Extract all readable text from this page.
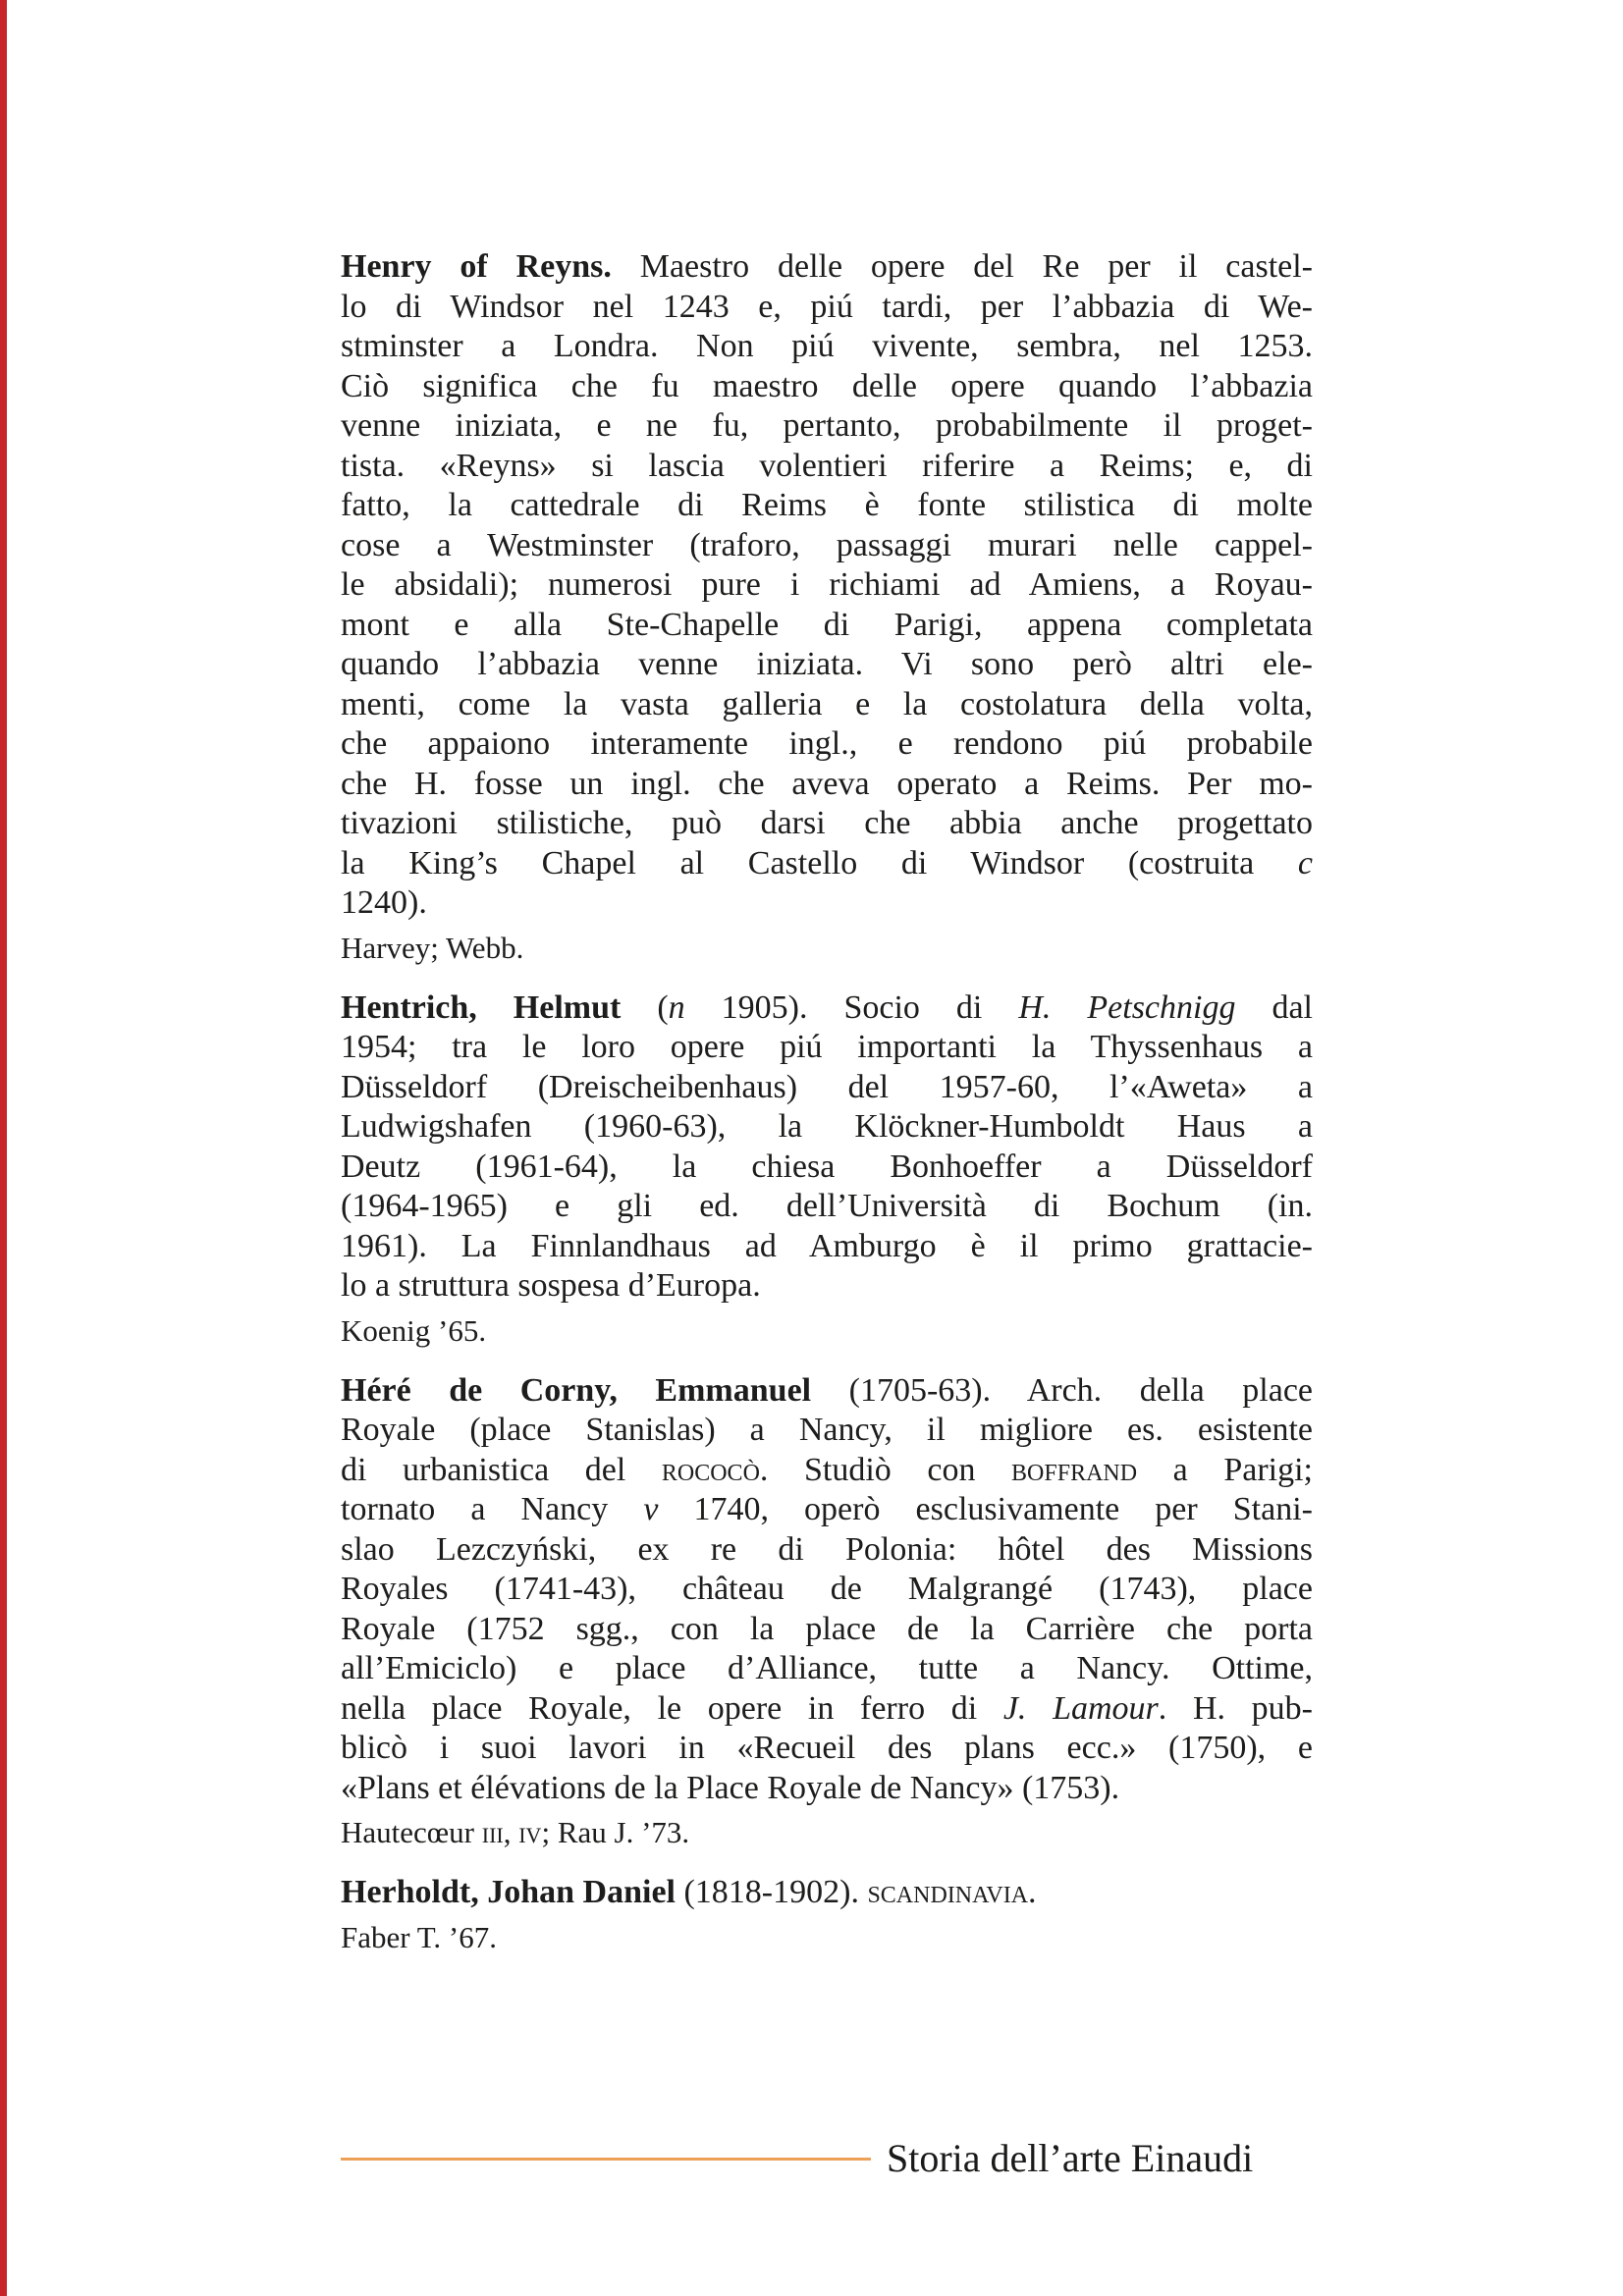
Henry of Reyns. Maestro delle opere del Re per il castel-
lo di Windsor nel 1243 e, piú tardi, per l’abbazia di We-
stminster a Londra. Non piú vivente, sembra, nel 1253.
Ciò significa che fu maestro delle opere quando l’abbazia
venne iniziata, e ne fu, pertanto, probabilmente il proget-
tista. «Reyns» si lascia volentieri riferire a Reims; e, di
fatto, la cattedrale di Reims è fonte stilistica di molte
cose a Westminster (traforo, passaggi murari nelle cappel-
le absidali); numerosi pure i richiami ad Amiens, a Royau-
mont e alla Ste-Chapelle di Parigi, appena completata
quando l’abbazia venne iniziata. Vi sono però altri ele-
menti, come la vasta galleria e la costolatura della volta,
che appaiono interamente ingl., e rendono piú probabile
che H. fosse un ingl. che aveva operato a Reims. Per mo-
tivazioni stilistiche, può darsi che abbia anche progettato
la King’s Chapel al Castello di Windsor (costruita c
1240).
Harvey; Webb.
Hentrich, Helmut (n 1905). Socio di H. Petschnigg dal
1954; tra le loro opere piú importanti la Thyssenhaus a
Düsseldorf (Dreischeibenhaus) del 1957-60, l’«Aweta» a
Ludwigshafen (1960-63), la Klöckner-Humboldt Haus a
Deutz (1961-64), la chiesa Bonhoeffer a Düsseldorf
(1964-1965) e gli ed. dell’Università di Bochum (in.
1961). La Finnlandhaus ad Amburgo è il primo grattacie-
lo a struttura sospesa d’Europa.
Koenig ’65.
Héré de Corny, Emmanuel (1705-63). Arch. della place
Royale (place Stanislas) a Nancy, il migliore es. esistente
di urbanistica del rococò. Studiò con boffrand a Parigi;
tornato a Nancy v 1740, operò esclusivamente per Stani-
slao Lezczyński, ex re di Polonia: hôtel des Missions
Royales (1741-43), château de Malgrangé (1743), place
Royale (1752 sgg., con la place de la Carrière che porta
all’Emiciclo) e place d’Alliance, tutte a Nancy. Ottime,
nella place Royale, le opere in ferro di J. Lamour. H. pub-
blicò i suoi lavori in «Recueil des plans ecc.» (1750), e
«Plans et élévations de la Place Royale de Nancy» (1753).
Hautecœur iii, iv; Rau J. ’73.
Herholdt, Johan Daniel (1818-1902). scandinavia.
Faber T. ’67.
Storia dell’arte Einaudi
